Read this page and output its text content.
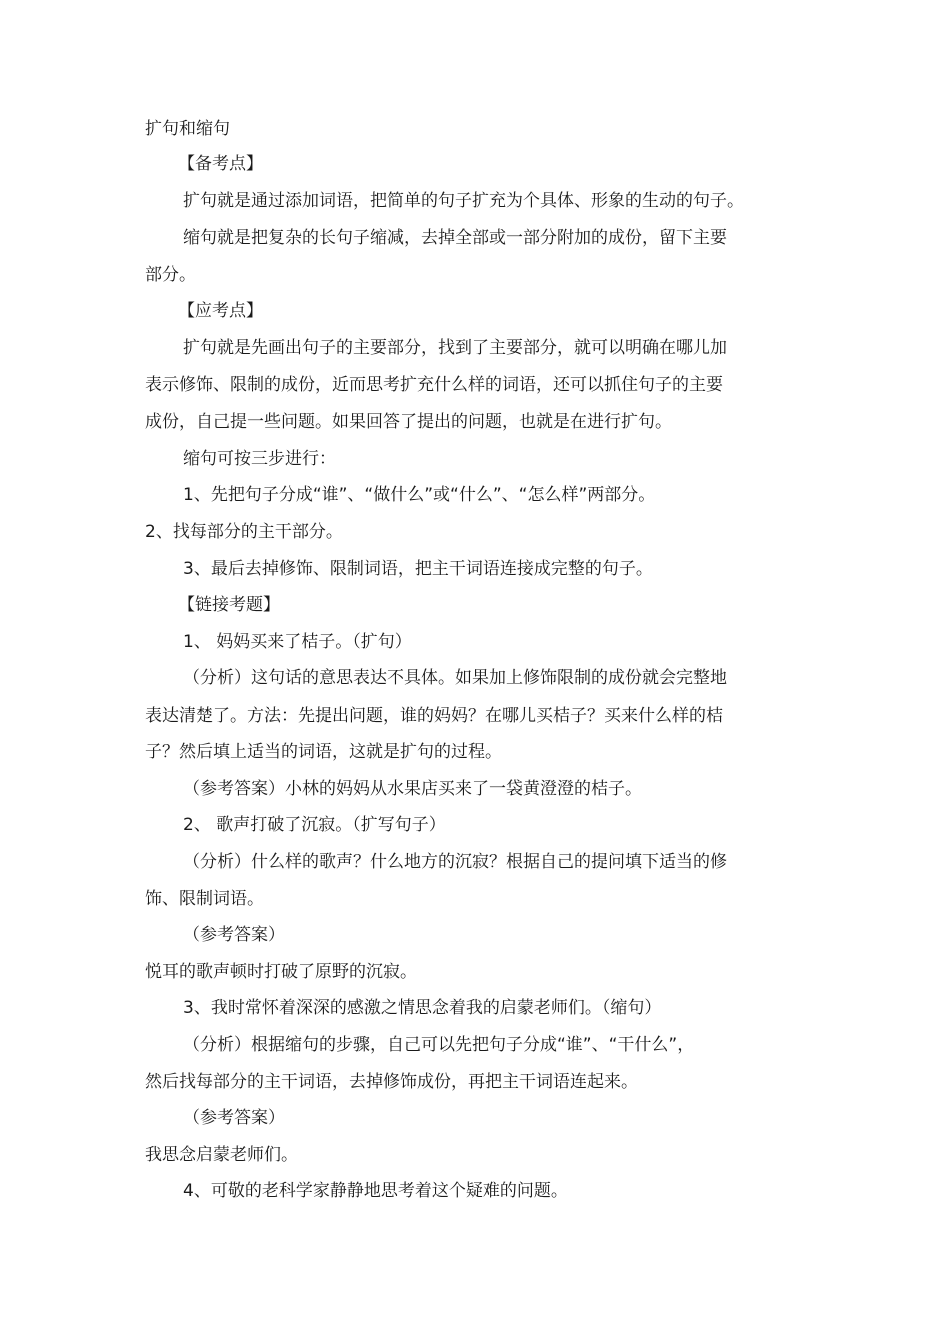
扩句和缩句
【备考点】
扩句就是通过添加词语，把简单的句子扩充为个具体、形象的生动的句子。
缩句就是把复杂的长句子缩减，去掉全部或一部分附加的成份，留下主要
部分。
【应考点】
扩句就是先画出句子的主要部分，找到了主要部分，就可以明确在哪儿加
表示修饰、限制的成份，近而思考扩充什么样的词语，还可以抓住句子的主要
成份，自己提一些问题。如果回答了提出的问题，也就是在进行扩句。
缩句可按三步进行：
1、先把句子分成“谁”、“做什么”或“什么”、“怎么样”两部分。
2、找每部分的主干部分。
3、最后去掉修饰、限制词语，把主干词语连接成完整的句子。
【链接考题】
1、 妈妈买来了桔子。（扩句）
（分析）这句话的意思表达不具体。如果加上修饰限制的成份就会完整地
表达清楚了。方法：先提出问题，谁的妈妈？在哪儿买桔子？买来什么样的桔
子？然后填上适当的词语，这就是扩句的过程。
（参考答案）小林的妈妈从水果店买来了一袋黄澄澄的桔子。
2、 歌声打破了沉寂。（扩写句子）
（分析）什么样的歌声？什么地方的沉寂？根据自己的提问填下适当的修
饰、限制词语。
（参考答案）
悦耳的歌声顿时打破了原野的沉寂。
3、我时常怀着深深的感激之情思念着我的启蒙老师们。（缩句）
（分析）根据缩句的步骤，自己可以先把句子分成“谁”、“干什么”，
然后找每部分的主干词语，去掉修饰成份，再把主干词语连起来。
（参考答案）
我思念启蒙老师们。
4、可敬的老科学家静静地思考着这个疑难的问题。
